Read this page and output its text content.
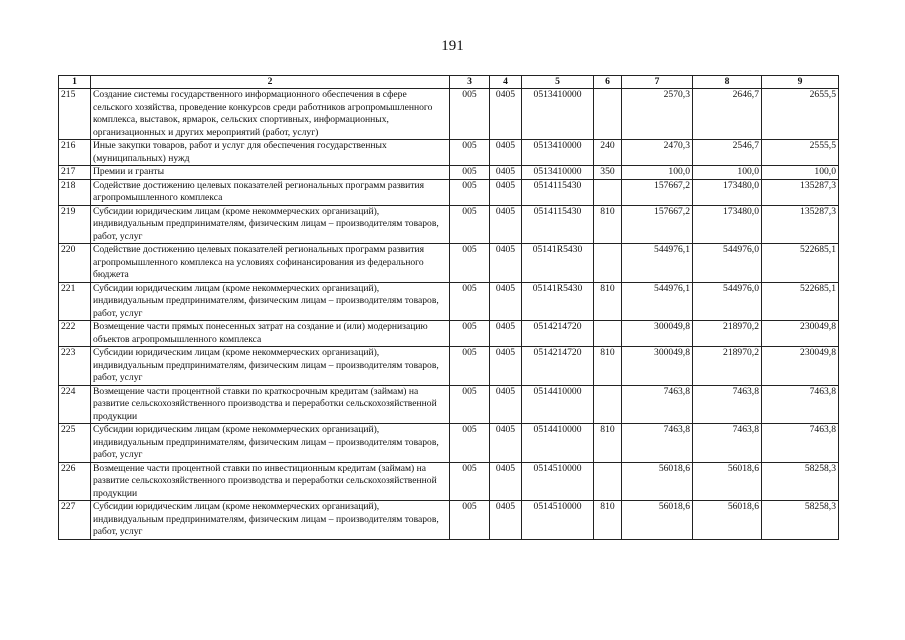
191
1	2	3	4	5	6	7	8	9
215	Создание системы государственного информационного обеспечения в сфере сельского хозяйства, проведение конкурсов среди работников агропромышленного комплекса, выставок, ярмарок, сельских спортивных, информационных, организационных и других мероприятий (работ, услуг)	005	0405	0513410000		2570,3	2646,7	2655,5
216	Иные закупки товаров, работ и услуг для обеспечения государственных (муниципальных) нужд	005	0405	0513410000	240	2470,3	2546,7	2555,5
217	Премии и гранты	005	0405	0513410000	350	100,0	100,0	100,0
218	Содействие достижению целевых показателей региональных программ развития агропромышленного комплекса	005	0405	0514115430		157667,2	173480,0	135287,3
219	Субсидии юридическим лицам (кроме некоммерческих организаций), индивидуальным предпринимателям, физическим лицам – производителям товаров, работ, услуг	005	0405	0514115430	810	157667,2	173480,0	135287,3
220	Содействие достижению целевых показателей региональных программ развития агропромышленного комплекса на условиях софинансирования из федерального бюджета	005	0405	05141R5430		544976,1	544976,0	522685,1
221	Субсидии юридическим лицам (кроме некоммерческих организаций), индивидуальным предпринимателям, физическим лицам – производителям товаров, работ, услуг	005	0405	05141R5430	810	544976,1	544976,0	522685,1
222	Возмещение части прямых понесенных затрат на создание и (или) модернизацию объектов агропромышленного комплекса	005	0405	0514214720		300049,8	218970,2	230049,8
223	Субсидии юридическим лицам (кроме некоммерческих организаций), индивидуальным предпринимателям, физическим лицам – производителям товаров, работ, услуг	005	0405	0514214720	810	300049,8	218970,2	230049,8
224	Возмещение части процентной ставки по краткосрочным кредитам (займам) на развитие сельскохозяйственного производства и переработки сельскохозяйственной продукции	005	0405	0514410000		7463,8	7463,8	7463,8
225	Субсидии юридическим лицам (кроме некоммерческих организаций), индивидуальным предпринимателям, физическим лицам – производителям товаров, работ, услуг	005	0405	0514410000	810	7463,8	7463,8	7463,8
226	Возмещение части процентной ставки по инвестиционным кредитам (займам) на развитие сельскохозяйственного производства и переработки сельскохозяйственной продукции	005	0405	0514510000		56018,6	56018,6	58258,3
227	Субсидии юридическим лицам (кроме некоммерческих организаций), индивидуальным предпринимателям, физическим лицам – производителям товаров, работ, услуг	005	0405	0514510000	810	56018,6	56018,6	58258,3
